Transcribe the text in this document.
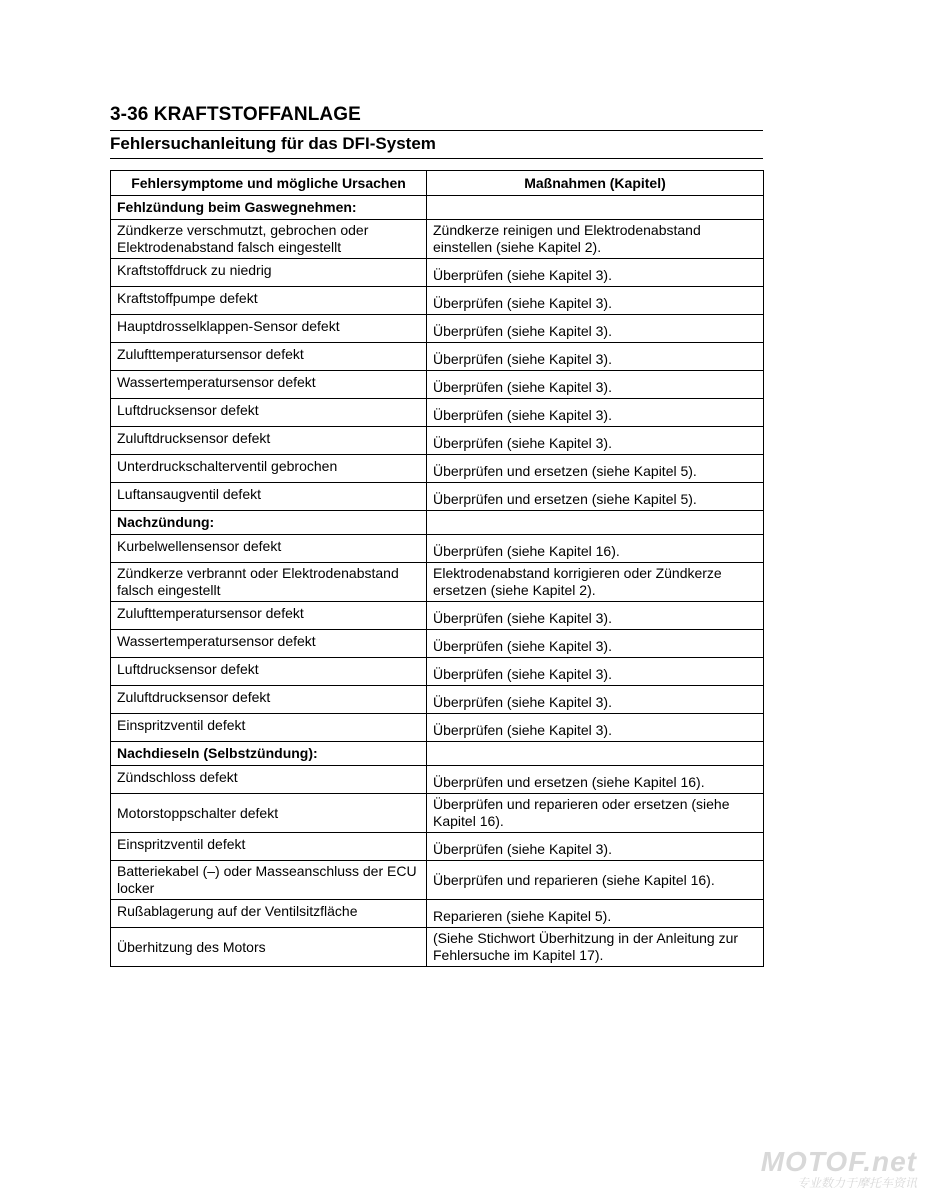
3-36 KRAFTSTOFFANLAGE
Fehlersuchanleitung für das DFI-System
Fehlersymptome und mögliche Ursachen	Maßnahmen (Kapitel)
Fehlzündung beim Gaswegnehmen:	
Zündkerze verschmutzt, gebrochen oder Elektrodenabstand falsch eingestellt	Zündkerze reinigen und Elektrodenabstand einstellen (siehe Kapitel 2).
Kraftstoffdruck zu niedrig	Überprüfen (siehe Kapitel 3).
Kraftstoffpumpe defekt	Überprüfen (siehe Kapitel 3).
Hauptdrosselklappen-Sensor defekt	Überprüfen (siehe Kapitel 3).
Zulufttemperatursensor defekt	Überprüfen (siehe Kapitel 3).
Wassertemperatursensor defekt	Überprüfen (siehe Kapitel 3).
Luftdrucksensor defekt	Überprüfen (siehe Kapitel 3).
Zuluftdrucksensor defekt	Überprüfen (siehe Kapitel 3).
Unterdruckschalterventil gebrochen	Überprüfen und ersetzen (siehe Kapitel 5).
Luftansaugventil defekt	Überprüfen und ersetzen (siehe Kapitel 5).
Nachzündung:	
Kurbelwellensensor defekt	Überprüfen (siehe Kapitel 16).
Zündkerze verbrannt oder Elektrodenabstand falsch eingestellt	Elektrodenabstand korrigieren oder Zündkerze ersetzen (siehe Kapitel 2).
Zulufttemperatursensor defekt	Überprüfen (siehe Kapitel 3).
Wassertemperatursensor defekt	Überprüfen (siehe Kapitel 3).
Luftdrucksensor defekt	Überprüfen (siehe Kapitel 3).
Zuluftdrucksensor defekt	Überprüfen (siehe Kapitel 3).
Einspritzventil defekt	Überprüfen (siehe Kapitel 3).
Nachdieseln (Selbstzündung):	
Zündschloss defekt	Überprüfen und ersetzen (siehe Kapitel 16).
Motorstoppschalter defekt	Überprüfen und reparieren oder ersetzen (siehe Kapitel 16).
Einspritzventil defekt	Überprüfen (siehe Kapitel 3).
Batteriekabel (–) oder Masseanschluss der ECU locker	Überprüfen und reparieren (siehe Kapitel 16).
Rußablagerung auf der Ventilsitzfläche	Reparieren (siehe Kapitel 5).
Überhitzung des Motors	(Siehe Stichwort Überhitzung in der Anleitung zur Fehlersuche im Kapitel 17).
MOTOF.net
专业数力于摩托车资讯
